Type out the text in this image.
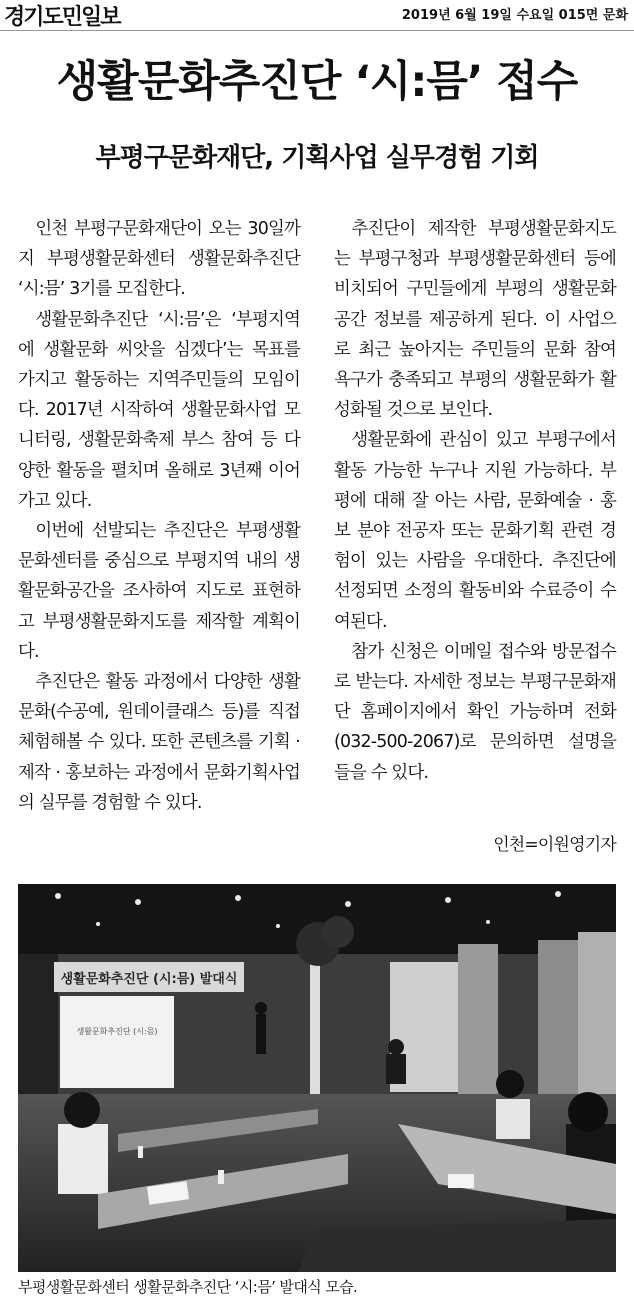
경기도민일보	2019년 6월 19일 수요일 015면 문화
생활문화추진단 ‘시:믐’ 접수
부평구문화재단, 기획사업 실무경험 기회

인천 부평구문화재단이 오는 30일까지 부평생활문화센터 생활문화추진단 ‘시:믐’ 3기를 모집한다.

생활문화추진단 ‘시:믐’은 ‘부평지역에 생활문화 씨앗을 심겠다’는 목표를 가지고 활동하는 지역주민들의 모임이다. 2017년 시작하여 생활문화사업 모니터링, 생활문화축제 부스 참여 등 다양한 활동을 펼치며 올해로 3년째 이어가고 있다.

이번에 선발되는 추진단은 부평생활문화센터를 중심으로 부평지역 내의 생활문화공간을 조사하여 지도로 표현하고 부평생활문화지도를 제작할 계획이다.

추진단은 활동 과정에서 다양한 생활문화(수공예, 원데이클래스 등)를 직접 체험해볼 수 있다. 또한 콘텐츠를 기획 · 제작 · 홍보하는 과정에서 문화기획사업의 실무를 경험할 수 있다.

추진단이 제작한 부평생활문화지도는 부평구청과 부평생활문화센터 등에 비치되어 구민들에게 부평의 생활문화공간 정보를 제공하게 된다. 이 사업으로 최근 높아지는 주민들의 문화 참여 욕구가 충족되고 부평의 생활문화가 활성화될 것으로 보인다.

생활문화에 관심이 있고 부평구에서 활동 가능한 누구나 지원 가능하다. 부평에 대해 잘 아는 사람, 문화예술 · 홍보 분야 전공자 또는 문화기획 관련 경험이 있는 사람을 우대한다. 추진단에 선정되면 소정의 활동비와 수료증이 수여된다.

참가 신청은 이메일 접수와 방문접수로 받는다. 자세한 정보는 부평구문화재단 홈페이지에서 확인 가능하며 전화(032-500-2067)로 문의하면 설명을 들을 수 있다.

인천=이원영기자
생활문화추진단 (시:믐) 발대식
생활문화추진단 (시:믐)
부평생활문화센터 생활문화추진단 ‘시:믐’ 발대식 모습.
